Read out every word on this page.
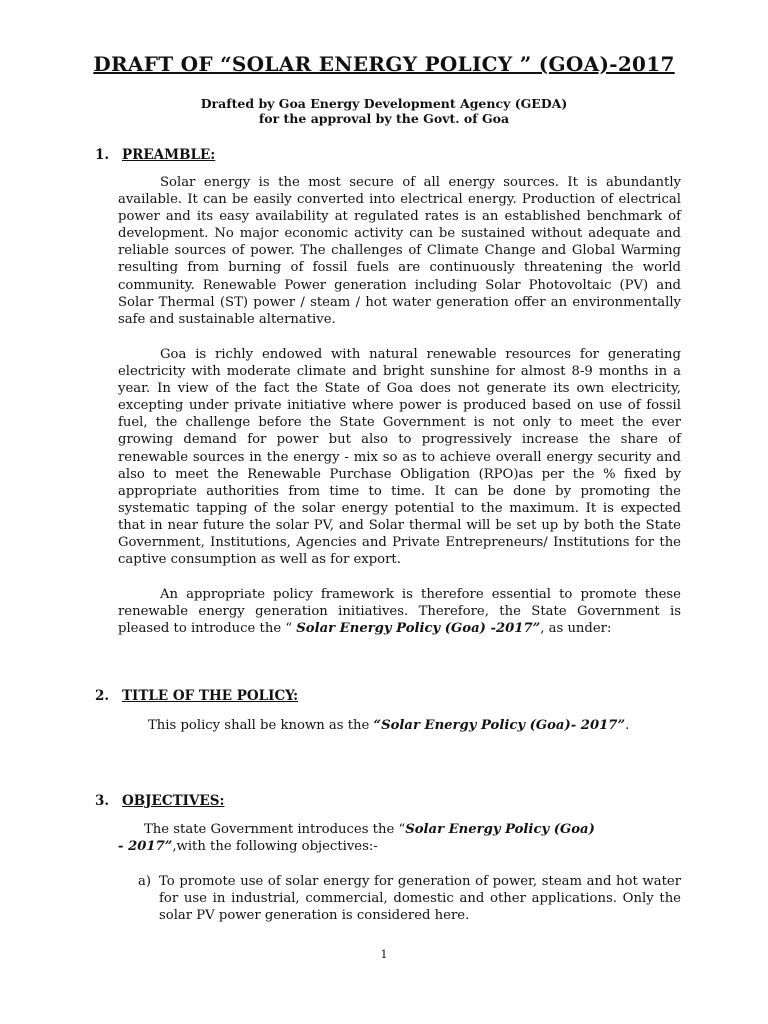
DRAFT OF “SOLAR ENERGY POLICY ” (GOA)-2017
Drafted by Goa Energy Development Agency (GEDA)
for the approval by the Govt. of Goa
1. PREAMBLE:

Solar energy is the most secure of all energy sources. It is abundantly available. It can be easily converted into electrical energy. Production of electrical power and its easy availability at regulated rates is an established benchmark of development. No major economic activity can be sustained without adequate and reliable sources of power. The challenges of Climate Change and Global Warming resulting from burning of fossil fuels are continuously threatening the world community. Renewable Power generation including Solar Photovoltaic (PV) and Solar Thermal (ST) power / steam / hot water generation offer an environmentally safe and sustainable alternative.

Goa is richly endowed with natural renewable resources for generating electricity with moderate climate and bright sunshine for almost 8-9 months in a year. In view of the fact the State of Goa does not generate its own electricity, excepting under private initiative where power is produced based on use of fossil fuel, the challenge before the State Government is not only to meet the ever growing demand for power but also to progressively increase the share of renewable sources in the energy - mix so as to achieve overall energy security and also to meet the Renewable Purchase Obligation (RPO)as per the % fixed by appropriate authorities from time to time. It can be done by promoting the systematic tapping of the solar energy potential to the maximum. It is expected that in near future the solar PV, and Solar thermal will be set up by both the State Government, Institutions, Agencies and Private Entrepreneurs/ Institutions for the captive consumption as well as for export.

An appropriate policy framework is therefore essential to promote these renewable energy generation initiatives. Therefore, the State Government is pleased to introduce the “ Solar Energy Policy (Goa) -2017”, as under:

2. TITLE OF THE POLICY:

This policy shall be known as the “Solar Energy Policy (Goa)- 2017”.

3. OBJECTIVES:

The state Government introduces the “Solar Energy Policy (Goa) - 2017”,with the following objectives:-

a) To promote use of solar energy for generation of power, steam and hot water for use in industrial, commercial, domestic and other applications. Only the solar PV power generation is considered here.
1
